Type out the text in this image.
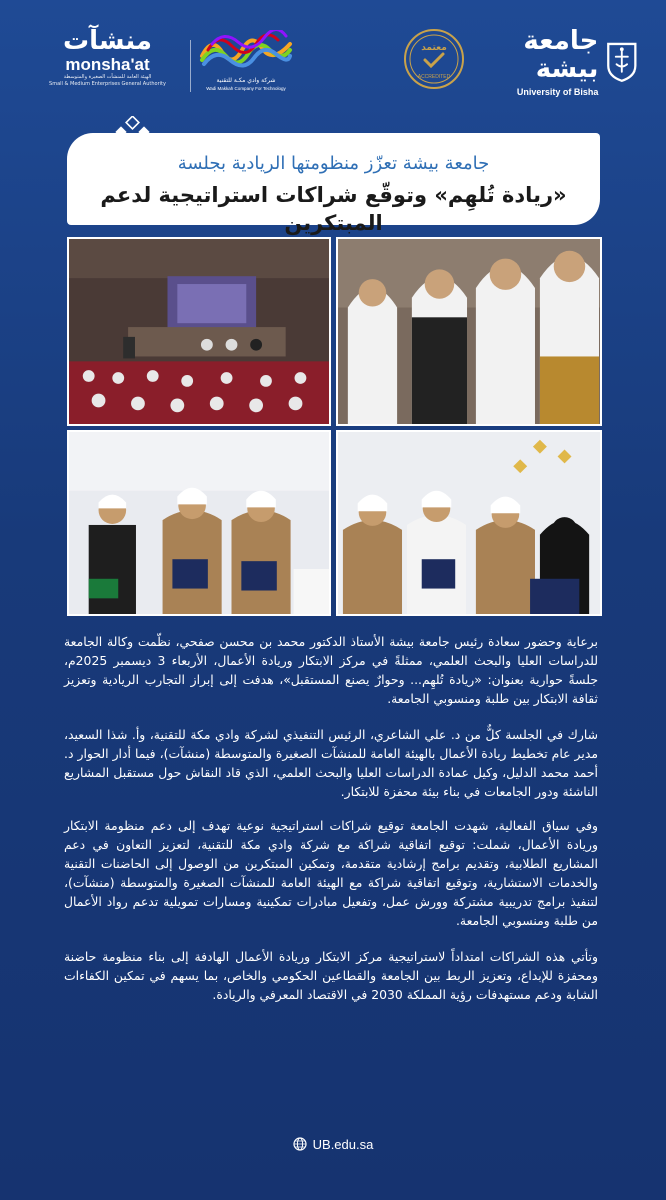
منشآت
monsha'at
الهيئة العامة للمنشآت الصغيرة والمتوسطة
Small & Medium Enterprises General Authority	شركة وادي مكـة للتقنية
Wadi Makkah Company For Technology
معتمد
ACCREDITED
جامعة بيشة
University of Bisha
جامعة بيشة تعزّز منظومتها الريادية بجلسة
«ريادة تُلهِم» وتوقّع شراكات استراتيجية لدعم المبتكرين

برعاية وحضور سعادة رئيس جامعة بيشة الأستاذ الدكتور محمد بن محسن صفحي، نظّمت وكالة الجامعة للدراسات العليا والبحث العلمي، ممثلةً في مركز الابتكار وريادة الأعمال، الأربعاء 3 ديسمبر 2025م، جلسةً حوارية بعنوان: «ريادة تُلهِم... وحوارٌ يصنع المستقبل»، هدفت إلى إبراز التجارب الريادية وتعزيز ثقافة الابتكار بين طلبة ومنسوبي الجامعة.

شارك في الجلسة كلٌّ من د. علي الشاعري، الرئيس التنفيذي لشركة وادي مكة للتقنية، وأ. شذا السعيد، مدير عام تخطيط ريادة الأعمال بالهيئة العامة للمنشآت الصغيرة والمتوسطة (منشآت)، فيما أدار الحوار د. أحمد محمد الدليل، وكيل عمادة الدراسات العليا والبحث العلمي، الذي قاد النقاش حول مستقبل المشاريع الناشئة ودور الجامعات في بناء بيئة محفزة للابتكار.

وفي سياق الفعالية، شهدت الجامعة توقيع شراكات استراتيجية نوعية تهدف إلى دعم منظومة الابتكار وريادة الأعمال، شملت: توقيع اتفاقية شراكة مع شركة وادي مكة للتقنية، لتعزيز التعاون في دعم المشاريع الطلابية، وتقديم برامج إرشادية متقدمة، وتمكين المبتكرين من الوصول إلى الحاضنات التقنية والخدمات الاستشارية، وتوقيع اتفاقية شراكة مع الهيئة العامة للمنشآت الصغيرة والمتوسطة (منشآت)، لتنفيذ برامج تدريبية مشتركة وورش عمل، وتفعيل مبادرات تمكينية ومسارات تمويلية تدعم رواد الأعمال من طلبة ومنسوبي الجامعة.

وتأتي هذه الشراكات امتداداً لاستراتيجية مركز الابتكار وريادة الأعمال الهادفة إلى بناء منظومة حاضنة ومحفزة للإبداع، وتعزيز الربط بين الجامعة والقطاعين الحكومي والخاص، بما يسهم في تمكين الكفاءات الشابة ودعم مستهدفات رؤية المملكة 2030 في الاقتصاد المعرفي والريادة.

UB.edu.sa
